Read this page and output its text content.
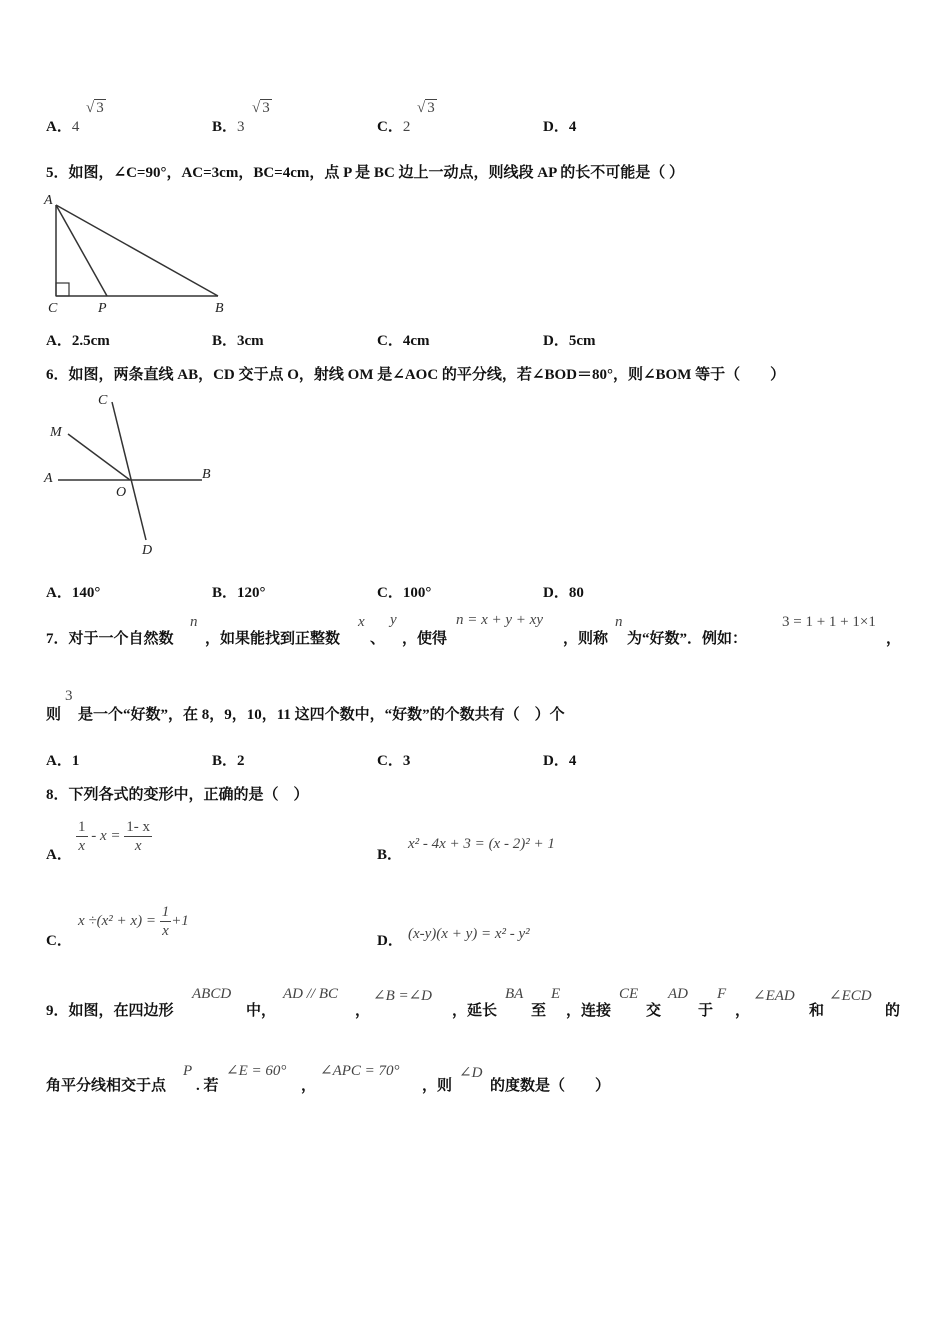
A．4
√ 3
B．3
√ 3
C．2
√ 3
D．4
5．如图，∠C=90°，AC=3cm，BC=4cm，点 P 是 BC 边上一动点，则线段 AP 的长不可能是（ ）
A
C	P	B
A．2.5cm	B．3cm	C．4cm	D．5cm
6．如图，两条直线 AB，CD 交于点 O，射线 OM 是∠AOC 的平分线，若∠BOD＝80°，则∠BOM 等于（　　）
C
M
A
O
B
D
A．140°	B．120°	C．100°	D．80
7．对于一个自然数
n
，如果能找到正整数
x
、
y
，使得
n = x + y + xy
，则称
n
为“好数”．例如：
3 = 1 + 1 + 1×1
，
则
3
是一个“好数”，在 8，9，10，11 这四个数中，“好数”的个数共有（　）个
A．1	B．2	C．3	D．4
8．下列各式的变形中，正确的是（　）
A． $\frac{1}{x} - x = \frac{1- x}{x}$	B．
x² - 4x + 3 = (x - 2)² + 1
C．
$x \div(x^2 + x) = \frac{1}{x} +1$
D． (x-y)(x + y) = x² - y²
9．如图，在四边形
ABCD
中，
AD // BC
，
∠B =∠D
，延长
BA
至
E
，连接
CE
交
AD
于
F
，
∠EAD
和
∠ECD
的
角平分线相交于点
P
. 若
∠E = 60°
，
∠APC = 70°
，则
∠D
的度数是（　　）
